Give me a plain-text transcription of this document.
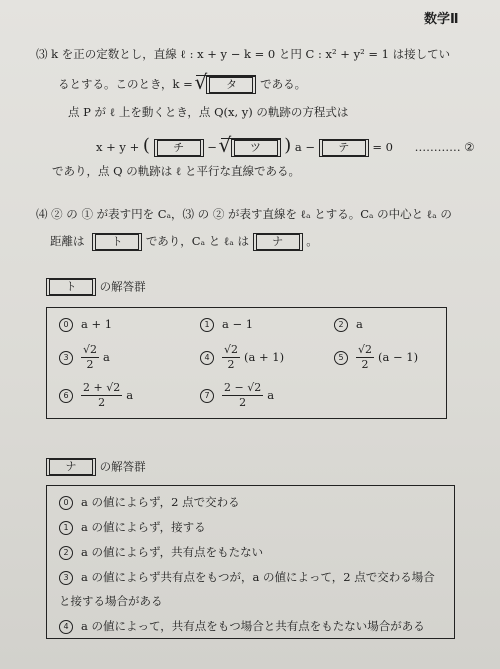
数学Ⅱ
⑶ k を正の定数とし，直線 ℓ : x + y − k = 0 と円 C : x² + y² = 1 は接してい
るとする。このとき，k =	√ タ である。
点 P が ℓ 上を動くとき，点 Q(x, y) の軌跡の方程式は
x + y + ( チ −	√ ツ ) a − テ = 0 ………… ②
であり，点 Q の軌跡は ℓ と平行な直線である。
⑷ ② の ① が表す円を Cₐ，⑶ の ② が表す直線を ℓₐ とする。Cₐ の中心と ℓₐ の
距離は ト であり，Cₐ と ℓₐ は ナ 。
ト の解答群
0 a + 1	1 a − 1	2 a
$3 \frac{√2}{2}$ a	$4 \frac{√2}{2} (a + 1)$	$5 \frac{√2}{2} (a - 1)$
$6 \frac{2 + √2}{2}$ a	$7 \frac{2 - √2}{2}$ a
ナ の解答群
0 a の値によらず，2 点で交わる
1 a の値によらず，接する
2 a の値によらず，共有点をもたない
3 a の値によらず共有点をもつが，a の値によって，2 点で交わる場合
と接する場合がある
4 a の値によって，共有点をもつ場合と共有点をもたない場合がある
